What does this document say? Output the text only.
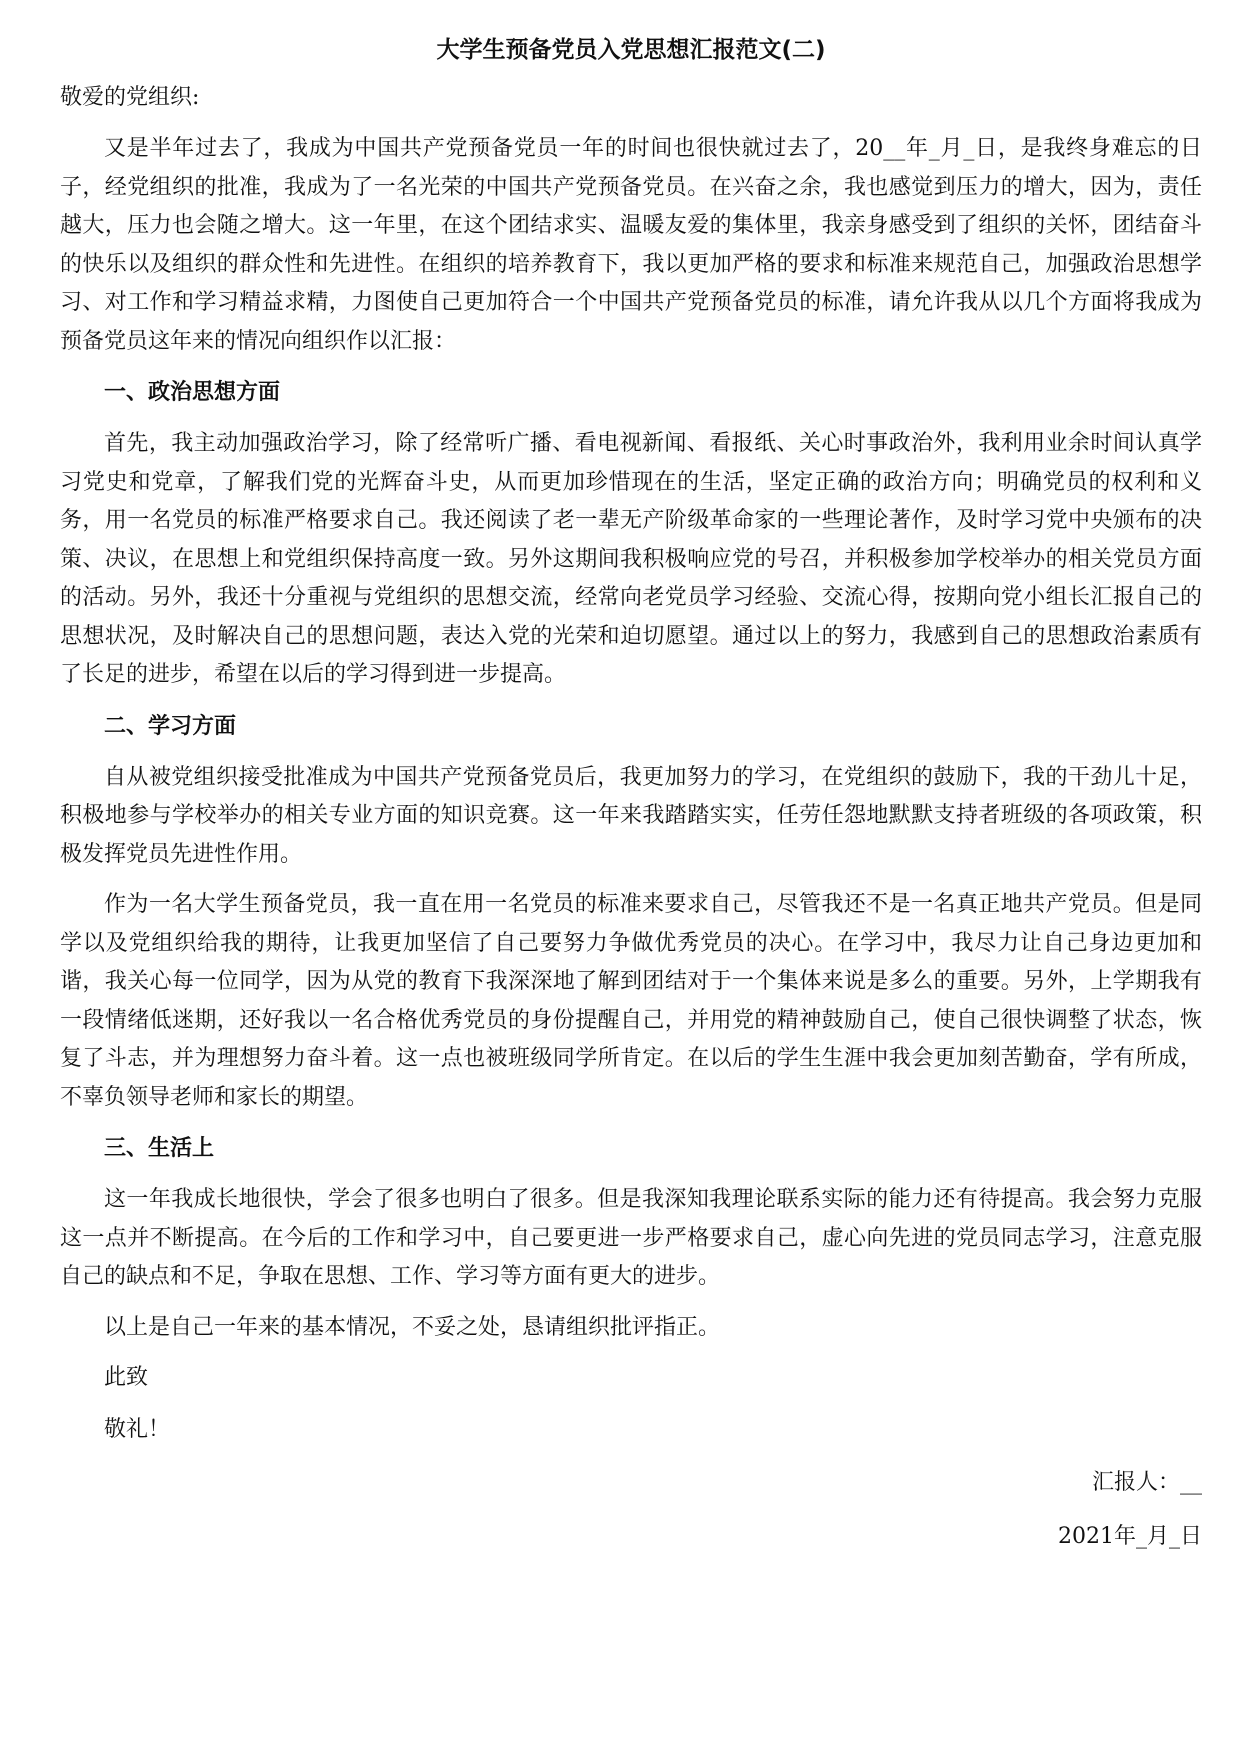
大学生预备党员入党思想汇报范文(二)
敬爱的党组织:

又是半年过去了，我成为中国共产党预备党员一年的时间也很快就过去了，20__年_月_日，是我终身难忘的日子，经党组织的批准，我成为了一名光荣的中国共产党预备党员。在兴奋之余，我也感觉到压力的增大，因为，责任越大，压力也会随之增大。这一年里，在这个团结求实、温暖友爱的集体里，我亲身感受到了组织的关怀，团结奋斗的快乐以及组织的群众性和先进性。在组织的培养教育下，我以更加严格的要求和标准来规范自己，加强政治思想学习、对工作和学习精益求精，力图使自己更加符合一个中国共产党预备党员的标准，请允许我从以几个方面将我成为预备党员这年来的情况向组织作以汇报：

一、政治思想方面

首先，我主动加强政治学习，除了经常听广播、看电视新闻、看报纸、关心时事政治外，我利用业余时间认真学习党史和党章，了解我们党的光辉奋斗史，从而更加珍惜现在的生活，坚定正确的政治方向；明确党员的权利和义务，用一名党员的标准严格要求自己。我还阅读了老一辈无产阶级革命家的一些理论著作，及时学习党中央颁布的决策、决议，在思想上和党组织保持高度一致。另外这期间我积极响应党的号召，并积极参加学校举办的相关党员方面的活动。另外，我还十分重视与党组织的思想交流，经常向老党员学习经验、交流心得，按期向党小组长汇报自己的思想状况，及时解决自己的思想问题，表达入党的光荣和迫切愿望。通过以上的努力，我感到自己的思想政治素质有了长足的进步，希望在以后的学习得到进一步提高。

二、学习方面

自从被党组织接受批准成为中国共产党预备党员后，我更加努力的学习，在党组织的鼓励下，我的干劲儿十足，积极地参与学校举办的相关专业方面的知识竞赛。这一年来我踏踏实实，任劳任怨地默默支持者班级的各项政策，积极发挥党员先进性作用。

作为一名大学生预备党员，我一直在用一名党员的标准来要求自己，尽管我还不是一名真正地共产党员。但是同学以及党组织给我的期待，让我更加坚信了自己要努力争做优秀党员的决心。在学习中，我尽力让自己身边更加和谐，我关心每一位同学，因为从党的教育下我深深地了解到团结对于一个集体来说是多么的重要。另外，上学期我有一段情绪低迷期，还好我以一名合格优秀党员的身份提醒自己，并用党的精神鼓励自己，使自己很快调整了状态，恢复了斗志，并为理想努力奋斗着。这一点也被班级同学所肯定。在以后的学生生涯中我会更加刻苦勤奋，学有所成，不辜负领导老师和家长的期望。

三、生活上

这一年我成长地很快，学会了很多也明白了很多。但是我深知我理论联系实际的能力还有待提高。我会努力克服这一点并不断提高。在今后的工作和学习中，自己要更进一步严格要求自己，虚心向先进的党员同志学习，注意克服自己的缺点和不足，争取在思想、工作、学习等方面有更大的进步。

以上是自己一年来的基本情况，不妥之处，恳请组织批评指正。

此致
敬礼！
汇报人：__
2021年_月_日
